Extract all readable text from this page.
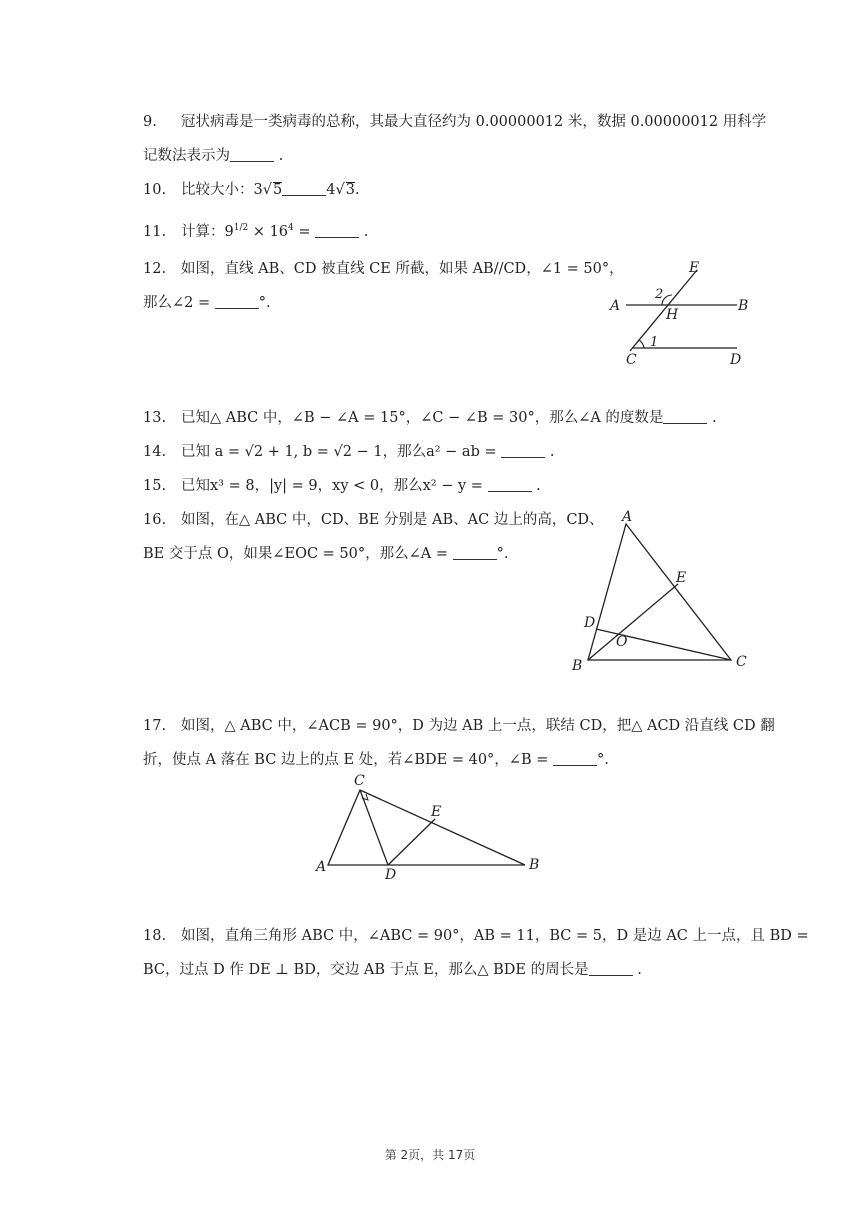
9. 冠状病毒是一类病毒的总称，其最大直径约为 0.00000012 米，数据 0.00000012 用科学
记数法表示为	.
10. 比较大小：3√5	4√3.
11. 计算：$9^{1/2} \times 16^4$ =	.
12. 如图，直线 AB、CD 被直线 CE 所截，如果 AB//CD，∠1 = 50°，
那么∠2 =	°.	A	B
C	D
E
H
1
2
13. 已知△ ABC 中，∠B − ∠A = 15°，∠C − ∠B = 30°，那么∠A 的度数是	.
14. 已知 a = √2 + 1, b = √2 − 1，那么a² − ab =	.
15. 已知x³ = 8，|y| = 9，xy < 0，那么x² − y =	.
16. 如图，在△ ABC 中，CD、BE 分别是 AB、AC 边上的高，CD、
BE 交于点 O，如果∠EOC = 50°，那么∠A =	°.
A
B	C
D
E
O
17. 如图，△ ABC 中，∠ACB = 90°，D 为边 AB 上一点，联结 CD，把△ ACD 沿直线 CD 翻
折，使点 A 落在 BC 边上的点 E 处，若∠BDE = 40°，∠B =	°.
C
A	B
D
E
18. 如图，直角三角形 ABC 中，∠ABC = 90°，AB = 11，BC = 5，D 是边 AC 上一点，且 BD =
BC，过点 D 作 DE ⊥ BD，交边 AB 于点 E，那么△ BDE 的周长是	.
第 2页，共 17页
